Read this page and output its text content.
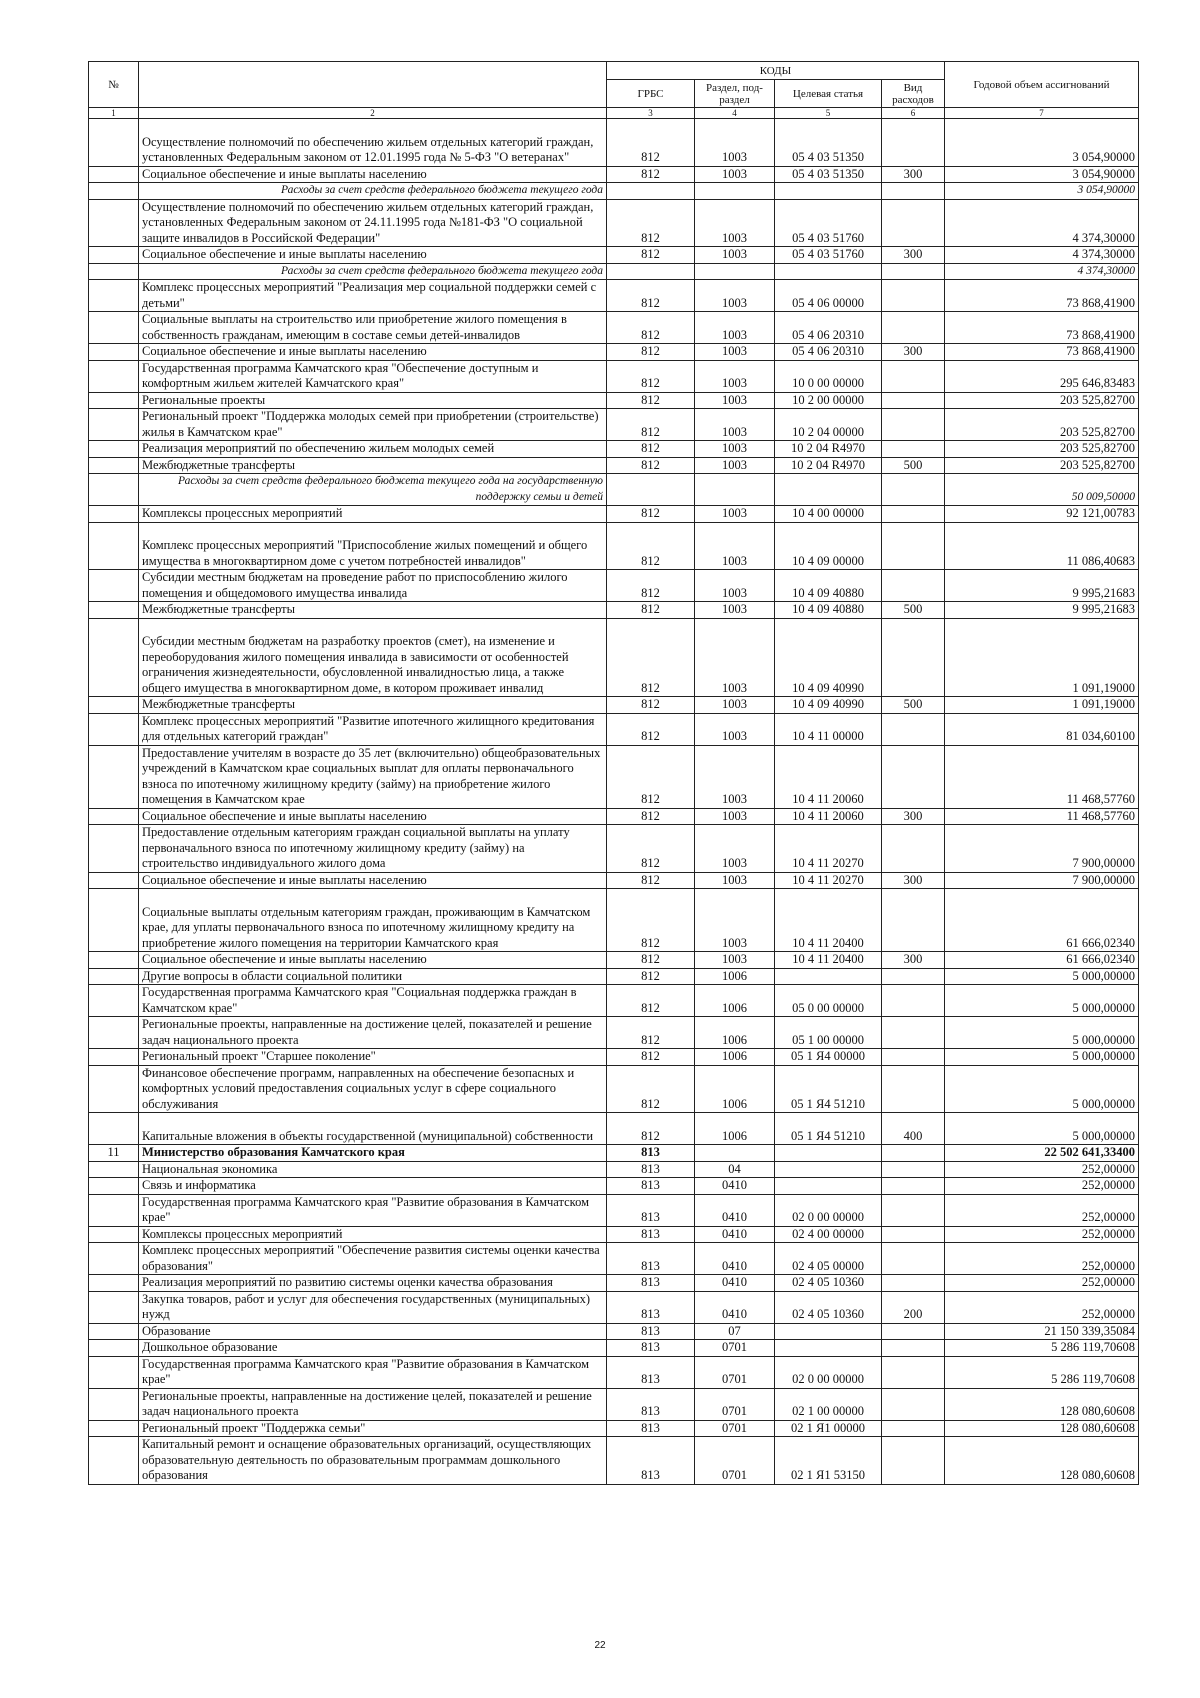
№		КОДЫ				Годовой объем ассигнований
		ГРБС	Раздел, под-раздел	Целевая статья	Вид расходов	
1	2	3	4	5	6	7
	Осуществление полномочий по обеспечению жильем отдельных категорий граждан, установленных Федеральным законом от 12.01.1995 года № 5-ФЗ "О ветеранах"	812	1003	05 4 03 51350		3 054,90000
	Социальное обеспечение и иные выплаты населению	812	1003	05 4 03 51350	300	3 054,90000
	Расходы за счет средств федерального бюджета текущего года					3 054,90000
	Осуществление полномочий по обеспечению жильем отдельных категорий граждан, установленных Федеральным законом от 24.11.1995 года №181-ФЗ "О социальной защите инвалидов в Российской Федерации"	812	1003	05 4 03 51760		4 374,30000
	Социальное обеспечение и иные выплаты населению	812	1003	05 4 03 51760	300	4 374,30000
	Расходы за счет средств федерального бюджета текущего года					4 374,30000
	Комплекс процессных мероприятий "Реализация мер социальной поддержки семей с детьми"	812	1003	05 4 06 00000		73 868,41900
	Социальные выплаты на строительство или приобретение жилого помещения в собственность гражданам, имеющим в составе семьи детей-инвалидов	812	1003	05 4 06 20310		73 868,41900
	Социальное обеспечение и иные выплаты населению	812	1003	05 4 06 20310	300	73 868,41900
	Государственная программа Камчатского края "Обеспечение доступным и комфортным жильем жителей Камчатского края"	812	1003	10 0 00 00000		295 646,83483
	Региональные проекты	812	1003	10 2 00 00000		203 525,82700
	Региональный проект "Поддержка молодых семей при приобретении (строительстве) жилья в Камчатском крае"	812	1003	10 2 04 00000		203 525,82700
	Реализация мероприятий по обеспечению жильем молодых семей	812	1003	10 2 04 R4970		203 525,82700
	Межбюджетные трансферты	812	1003	10 2 04 R4970	500	203 525,82700
	Расходы за счет средств федерального бюджета текущего года на государственную поддержку семьи и детей					50 009,50000
	Комплексы процессных мероприятий	812	1003	10 4 00 00000		92 121,00783
	Комплекс процессных мероприятий "Приспособление жилых помещений и общего имущества в многоквартирном доме с учетом потребностей инвалидов"	812	1003	10 4 09 00000		11 086,40683
	Субсидии местным бюджетам на проведение работ по приспособлению жилого помещения и общедомового имущества инвалида	812	1003	10 4 09 40880		9 995,21683
	Межбюджетные трансферты	812	1003	10 4 09 40880	500	9 995,21683
	Субсидии местным бюджетам на разработку проектов (смет), на изменение и переоборудования жилого помещения инвалида в зависимости от особенностей ограничения жизнедеятельности, обусловленной инвалидностью лица, а также общего имущества в многоквартирном доме, в котором проживает инвалид	812	1003	10 4 09 40990		1 091,19000
	Межбюджетные трансферты	812	1003	10 4 09 40990	500	1 091,19000
	Комплекс процессных мероприятий "Развитие ипотечного жилищного кредитования для отдельных категорий граждан"	812	1003	10 4 11 00000		81 034,60100
	Предоставление учителям в возрасте до 35 лет (включительно) общеобразовательных учреждений в Камчатском крае социальных выплат для оплаты первоначального взноса по ипотечному жилищному кредиту (займу) на приобретение жилого помещения в Камчатском крае	812	1003	10 4 11 20060		11 468,57760
	Социальное обеспечение и иные выплаты населению	812	1003	10 4 11 20060	300	11 468,57760
	Предоставление отдельным категориям граждан социальной выплаты на уплату первоначального взноса по ипотечному жилищному кредиту (займу) на строительство индивидуального жилого дома	812	1003	10 4 11 20270		7 900,00000
	Социальное обеспечение и иные выплаты населению	812	1003	10 4 11 20270	300	7 900,00000
	Социальные выплаты отдельным категориям граждан, проживающим в Камчатском крае, для уплаты первоначального взноса по ипотечному жилищному кредиту на приобретение жилого помещения на территории Камчатского края	812	1003	10 4 11 20400		61 666,02340
	Социальное обеспечение и иные выплаты населению	812	1003	10 4 11 20400	300	61 666,02340
	Другие вопросы в области социальной политики	812	1006			5 000,00000
	Государственная программа Камчатского края "Социальная поддержка граждан в Камчатском крае"	812	1006	05 0 00 00000		5 000,00000
	Региональные проекты, направленные на достижение целей, показателей и решение задач национального проекта	812	1006	05 1 00 00000		5 000,00000
	Региональный проект "Старшее поколение"	812	1006	05 1 Я4 00000		5 000,00000
	Финансовое обеспечение программ, направленных на обеспечение безопасных и комфортных условий предоставления социальных услуг в сфере социального обслуживания	812	1006	05 1 Я4 51210		5 000,00000
	Капитальные вложения в объекты государственной (муниципальной) собственности	812	1006	05 1 Я4 51210	400	5 000,00000
11	Министерство образования Камчатского края	813				22 502 641,33400
	Национальная экономика	813	04			252,00000
	Связь и информатика	813	0410			252,00000
	Государственная программа Камчатского края "Развитие образования в Камчатском крае"	813	0410	02 0 00 00000		252,00000
	Комплексы процессных мероприятий	813	0410	02 4 00 00000		252,00000
	Комплекс процессных мероприятий "Обеспечение развития системы оценки качества образования"	813	0410	02 4 05 00000		252,00000
	Реализация мероприятий по развитию системы оценки качества образования	813	0410	02 4 05 10360		252,00000
	Закупка товаров, работ и услуг для обеспечения государственных (муниципальных) нужд	813	0410	02 4 05 10360	200	252,00000
	Образование	813	07			21 150 339,35084
	Дошкольное образование	813	0701			5 286 119,70608
	Государственная программа Камчатского края "Развитие образования в Камчатском крае"	813	0701	02 0 00 00000		5 286 119,70608
	Региональные проекты, направленные на достижение целей, показателей и решение задач национального проекта	813	0701	02 1 00 00000		128 080,60608
	Региональный проект "Поддержка семьи"	813	0701	02 1 Я1 00000		128 080,60608
	Капитальный ремонт и оснащение образовательных организаций, осуществляющих образовательную деятельность по образовательным программам дошкольного образования	813	0701	02 1 Я1 53150		128 080,60608
22
